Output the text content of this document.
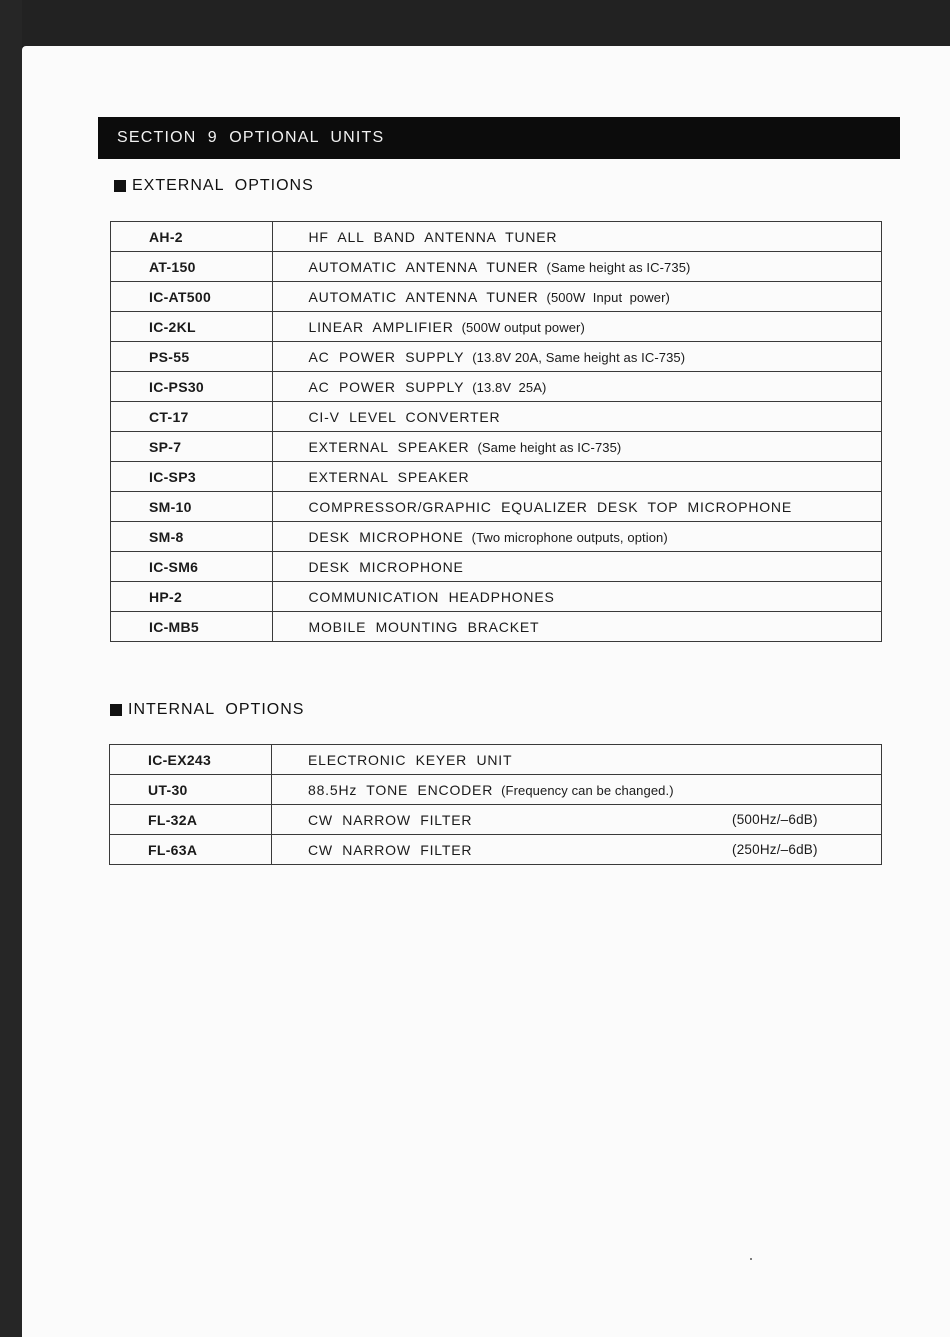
SECTION  9  OPTIONAL  UNITS
EXTERNAL  OPTIONS
AH-2	HF  ALL  BAND  ANTENNA  TUNER
AT-150	AUTOMATIC  ANTENNA  TUNER (Same height as IC-735)
IC-AT500	AUTOMATIC  ANTENNA  TUNER (500W  Input  power)
IC-2KL	LINEAR  AMPLIFIER (500W output power)
PS-55	AC  POWER  SUPPLY (13.8V 20A, Same height as IC-735)
IC-PS30	AC  POWER  SUPPLY (13.8V  25A)
CT-17	CI-V  LEVEL  CONVERTER
SP-7	EXTERNAL  SPEAKER (Same height as IC-735)
IC-SP3	EXTERNAL  SPEAKER
SM-10	COMPRESSOR/GRAPHIC  EQUALIZER  DESK  TOP  MICROPHONE
SM-8	DESK  MICROPHONE (Two microphone outputs, option)
IC-SM6	DESK  MICROPHONE
HP-2	COMMUNICATION  HEADPHONES
IC-MB5	MOBILE  MOUNTING  BRACKET
INTERNAL  OPTIONS
IC-EX243	ELECTRONIC  KEYER  UNIT
UT-30	88.5Hz  TONE  ENCODER (Frequency can be changed.)
FL-32A	CW  NARROW  FILTER (500Hz/–6dB)

FL-63A	CW  NARROW  FILTER (250Hz/–6dB)
